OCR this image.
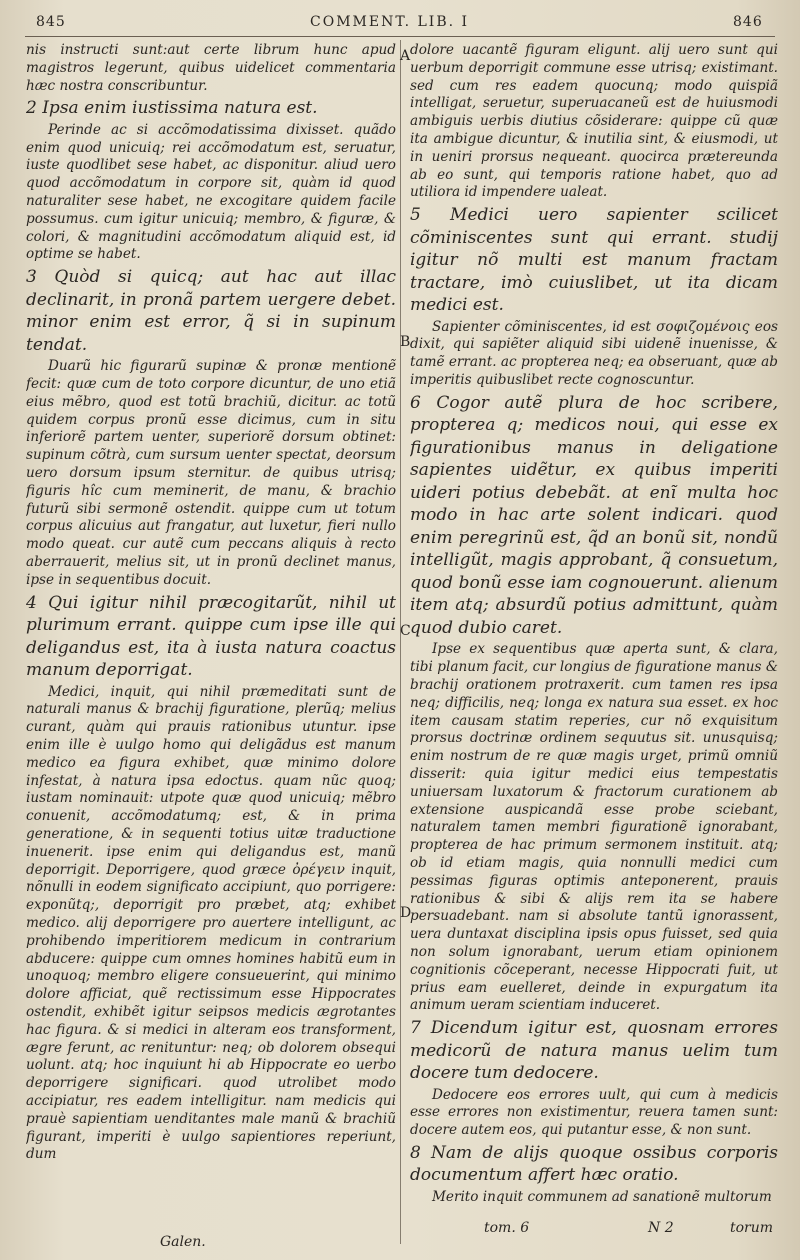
845	COMMENT. LIB. I	846

nis instructi sunt:aut certe librum hunc apud magistros legerunt, quibus uidelicet commentaria hæc nostra conscribuntur.

2 Ipsa enim iustissima natura est.

Perinde ac si accõmodatissima dixisset. quãdo enim quod unicuiq; rei accõmodatum est, seruatur, iuste quodlibet sese habet, ac disponitur. aliud uero quod accõmodatum in corpore sit, quàm id quod naturaliter sese habet, ne excogitare quidem facile possumus. cum igitur unicuiq; membro, & figuræ, & colori, & magnitudini accõmodatum aliquid est, id optime se habet.

3 Quòd si quicq; aut hac aut illac declinarit, in pronã partem uergere debet. minor enim est error, q̃ si in supinum tendat.

Duarũ hic figurarũ supinæ & pronæ mentionẽ fecit: quæ cum de toto corpore dicuntur, de uno etiã eius mẽbro, quod est totũ brachiũ, dicitur. ac totũ quidem corpus pronũ esse dicimus, cum in situ inferiorẽ partem uenter, superiorẽ dorsum obtinet: supinum cõtrà, cum sursum uenter spectat, deorsum uero dorsum ipsum sternitur. de quibus utrisq; figuris hîc cum meminerit, de manu, & brachio futurũ sibi sermonẽ ostendit. quippe cum ut totum corpus alicuius aut frangatur, aut luxetur, fieri nullo modo queat. cur autẽ cum peccans aliquis à recto aberrauerit, melius sit, ut in pronũ declinet manus, ipse in sequentibus docuit.

4 Qui igitur nihil præcogitarũt, nihil ut plurimum errant. quippe cum ipse ille qui deligandus est, ita à iusta natura coactus manum deporrigat.

Medici, inquit, qui nihil præmeditati sunt de naturali manus & brachij figuratione, plerũq; melius curant, quàm qui prauis rationibus utuntur. ipse enim ille è uulgo homo qui deligãdus est manum medico ea figura exhibet, quæ minimo dolore infestat, à natura ipsa edoctus. quam nũc quoq; iustam nominauit: utpote quæ quod unicuiq; mẽbro conuenit, accõmodatumq; est, & in prima generatione, & in sequenti totius uitæ traductione inuenerit. ipse enim qui deligandus est, manũ deporrigit. Deporrigere, quod græce ὀρέγειν inquit, nõnulli in eodem significato accipiunt, quo porrigere: exponũtq;, deporrigit pro præbet, atq; exhibet medico. alij deporrigere pro auertere intelligunt, ac prohibendo imperitiorem medicum in contrarium abducere: quippe cum omnes homines habitũ eum in unoquoq; membro eligere consueuerint, qui minimo dolore afficiat, quẽ rectissimum esse Hippocrates ostendit, exhibẽt igitur seipsos medicis ægrotantes hac figura. & si medici in alteram eos transforment, ægre ferunt, ac renituntur: neq; ob dolorem obsequi uolunt. atq; hoc inquiunt hi ab Hippocrate eo uerbo deporrigere significari. quod utrolibet modo accipiatur, res eadem intelligitur. nam medicis qui prauè sapientiam uenditantes male manũ & brachiũ figurant, imperiti è uulgo sapientiores reperiunt, dum

dolore uacantẽ figuram eligunt. alij uero sunt qui uerbum deporrigit commune esse utrisq; existimant. sed cum res eadem quocunq; modo quispiã intelligat, seruetur, superuacaneũ est de huiusmodi ambiguis uerbis diutius cõsiderare: quippe cũ quæ ita ambigue dicuntur, & inutilia sint, & eiusmodi, ut in ueniri prorsus nequeant. quocirca prætereunda ab eo sunt, qui temporis ratione habet, quo ad utiliora id impendere ualeat.

5 Medici uero sapienter scilicet cõminiscentes sunt qui errant. studij igitur nõ multi est manum fractam tractare, imò cuiuslibet, ut ita dicam medici est.

Sapienter cõminiscentes, id est σοφιζομένοις eos dixit, qui sapiẽter aliquid sibi uidenẽ inuenisse, & tamẽ errant. ac propterea neq; ea obseruant, quæ ab imperitis quibuslibet recte cognoscuntur.

6 Cogor autẽ plura de hoc scribere, propterea q; medicos noui, qui esse ex figurationibus manus in deligatione sapientes uidẽtur, ex quibus imperiti uideri potius debebãt. at enĩ multa hoc modo in hac arte solent indicari. quod enim peregrinũ est, q̃d an bonũ sit, nondũ intelligũt, magis approbant, q̃ consuetum, quod bonũ esse iam cognouerunt. alienum item atq; absurdũ potius admittunt, quàm quod dubio caret.

Ipse ex sequentibus quæ aperta sunt, & clara, tibi planum facit, cur longius de figuratione manus & brachij orationem protraxerit. cum tamen res ipsa neq; difficilis, neq; longa ex natura sua esset. ex hoc item causam statim reperies, cur nõ exquisitum prorsus doctrinæ ordinem sequutus sit. unusquisq; enim nostrum de re quæ magis urget, primũ omniũ disserit: quia igitur medici eius tempestatis uniuersam luxatorum & fractorum curationem ab extensione auspicandã esse probe sciebant, naturalem tamen membri figurationẽ ignorabant, propterea de hac primum sermonem instituit. atq; ob id etiam magis, quia nonnulli medici cum pessimas figuras optimis anteponerent, prauis rationibus & sibi & alijs rem ita se habere persuadebant. nam si absolute tantũ ignorassent, uera duntaxat disciplina ipsis opus fuisset, sed quia non solum ignorabant, uerum etiam opinionem cognitionis cõceperant, necesse Hippocrati fuit, ut prius eam euelleret, deinde in expurgatum ita animum ueram scientiam induceret.

7 Dicendum igitur est, quosnam errores medicorũ de natura manus uelim tum docere tum dedocere.

Dedocere eos errores uult, qui cum à medicis esse errores non existimentur, reuera tamen sunt: docere autem eos, qui putantur esse, & non sunt.

8 Nam de alijs quoque ossibus corporis documentum affert hæc oratio.

Merito inquit communem ad sanationẽ multorum

A
B
C
D
Galen.
tom. 6	N 2	torum
